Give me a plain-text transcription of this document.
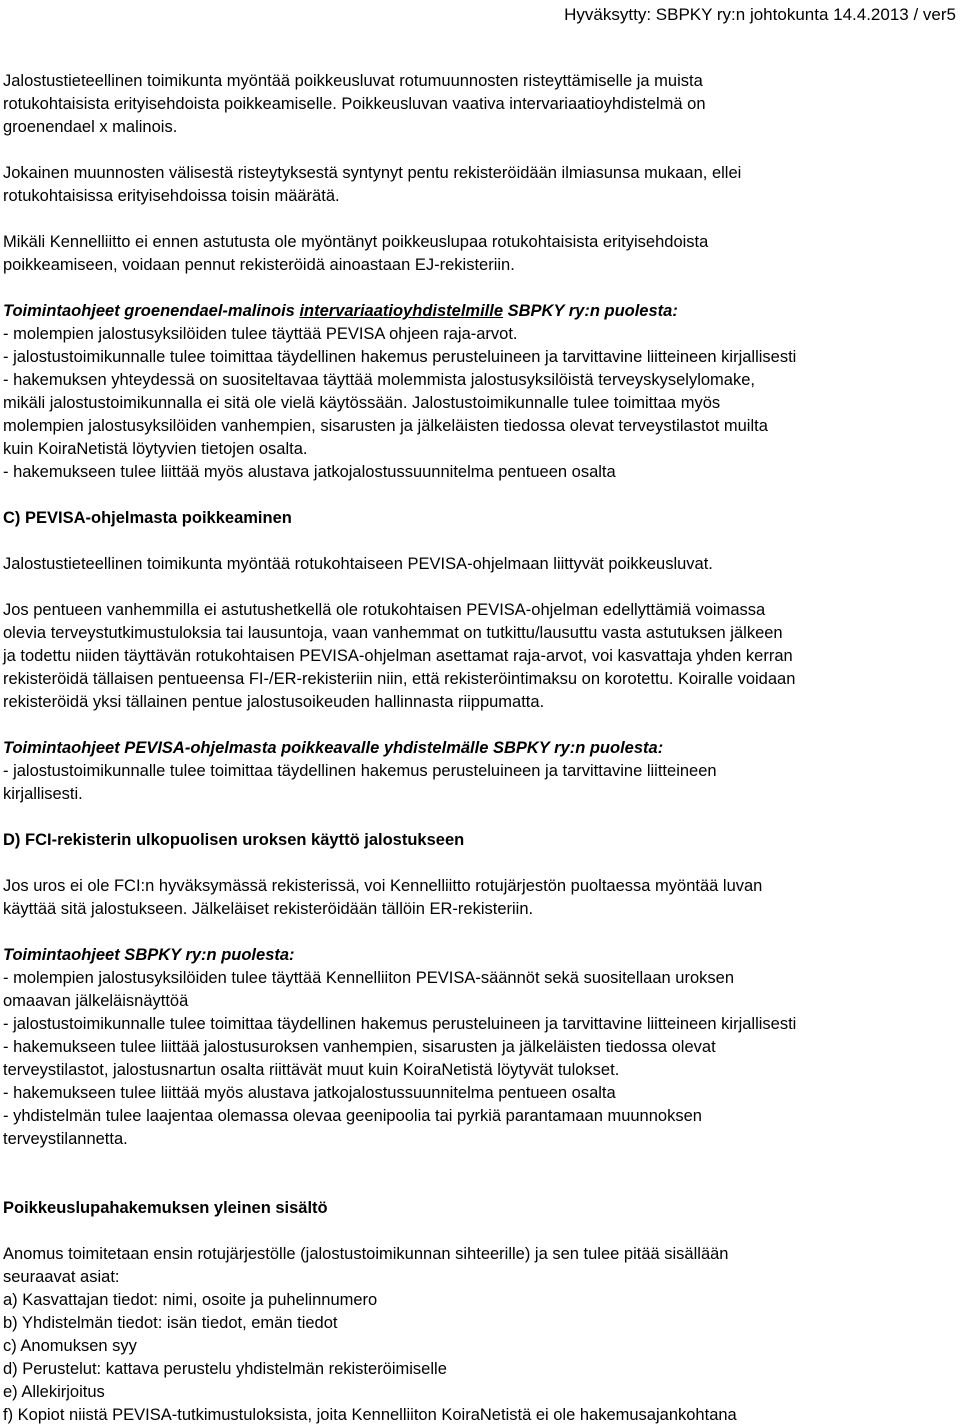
Hyväksytty: SBPKY ry:n johtokunta 14.4.2013 / ver5

Jalostustieteellinen toimikunta myöntää poikkeusluvat rotumuunnosten risteyttämiselle ja muista
rotukohtaisista erityisehdoista poikkeamiselle. Poikkeusluvan vaativa intervariaatioyhdistelmä on
groenendael x malinois.

Jokainen muunnosten välisestä risteytyksestä syntynyt pentu rekisteröidään ilmiasunsa mukaan, ellei
rotukohtaisissa erityisehdoissa toisin määrätä.

Mikäli Kennelliitto ei ennen astutusta ole myöntänyt poikkeuslupaa rotukohtaisista erityisehdoista
poikkeamiseen, voidaan pennut rekisteröidä ainoastaan EJ-rekisteriin.

Toimintaohjeet groenendael-malinois intervariaatioyhdistelmille SBPKY ry:n puolesta:

- molempien jalostusyksilöiden tulee täyttää PEVISA ohjeen raja-arvot.
- jalostustoimikunnalle tulee toimittaa täydellinen hakemus perusteluineen ja tarvittavine liitteineen kirjallisesti
- hakemuksen yhteydessä on suositeltavaa täyttää molemmista jalostusyksilöistä terveyskyselylomake,
mikäli jalostustoimikunnalla ei sitä ole vielä käytössään. Jalostustoimikunnalle tulee toimittaa myös
molempien jalostusyksilöiden vanhempien, sisarusten ja jälkeläisten tiedossa olevat terveystilastot muilta
kuin KoiraNetistä löytyvien tietojen osalta.
- hakemukseen tulee liittää myös alustava jatkojalostussuunnitelma pentueen osalta

C) PEVISA-ohjelmasta poikkeaminen

Jalostustieteellinen toimikunta myöntää rotukohtaiseen PEVISA-ohjelmaan liittyvät poikkeusluvat.

Jos pentueen vanhemmilla ei astutushetkellä ole rotukohtaisen PEVISA-ohjelman edellyttämiä voimassa
olevia terveystutkimustuloksia tai lausuntoja, vaan vanhemmat on tutkittu/lausuttu vasta astutuksen jälkeen
ja todettu niiden täyttävän rotukohtaisen PEVISA-ohjelman asettamat raja-arvot, voi kasvattaja yhden kerran
rekisteröidä tällaisen pentueensa FI-/ER-rekisteriin niin, että rekisteröintimaksu on korotettu. Koiralle voidaan
rekisteröidä yksi tällainen pentue jalostusoikeuden hallinnasta riippumatta.

Toimintaohjeet PEVISA-ohjelmasta poikkeavalle yhdistelmälle SBPKY ry:n puolesta:

- jalostustoimikunnalle tulee toimittaa täydellinen hakemus perusteluineen ja tarvittavine liitteineen
kirjallisesti.

D) FCI-rekisterin ulkopuolisen uroksen käyttö jalostukseen

Jos uros ei ole FCI:n hyväksymässä rekisterissä, voi Kennelliitto rotujärjestön puoltaessa myöntää luvan
käyttää sitä jalostukseen. Jälkeläiset rekisteröidään tällöin ER-rekisteriin.

Toimintaohjeet SBPKY ry:n puolesta:

- molempien jalostusyksilöiden tulee täyttää Kennelliiton PEVISA-säännöt sekä suositellaan uroksen
omaavan jälkeläisnäyttöä
- jalostustoimikunnalle tulee toimittaa täydellinen hakemus perusteluineen ja tarvittavine liitteineen kirjallisesti
- hakemukseen tulee liittää jalostusuroksen vanhempien, sisarusten ja jälkeläisten tiedossa olevat
terveystilastot, jalostusnartun osalta riittävät muut kuin KoiraNetistä löytyvät tulokset.
- hakemukseen tulee liittää myös alustava jatkojalostussuunnitelma pentueen osalta
- yhdistelmän tulee laajentaa olemassa olevaa geenipoolia tai pyrkiä parantamaan muunnoksen
terveystilannetta.

Poikkeuslupahakemuksen yleinen sisältö

Anomus toimitetaan ensin rotujärjestölle (jalostustoimikunnan sihteerille) ja sen tulee pitää sisällään
seuraavat asiat:

a) Kasvattajan tiedot: nimi, osoite ja puhelinnumero
b) Yhdistelmän tiedot: isän tiedot, emän tiedot
c) Anomuksen syy
d) Perustelut: kattava perustelu yhdistelmän rekisteröimiselle
e) Allekirjoitus
f) Kopiot niistä PEVISA-tutkimustuloksista, joita Kennelliiton KoiraNetistä ei ole hakemusajankohtana
